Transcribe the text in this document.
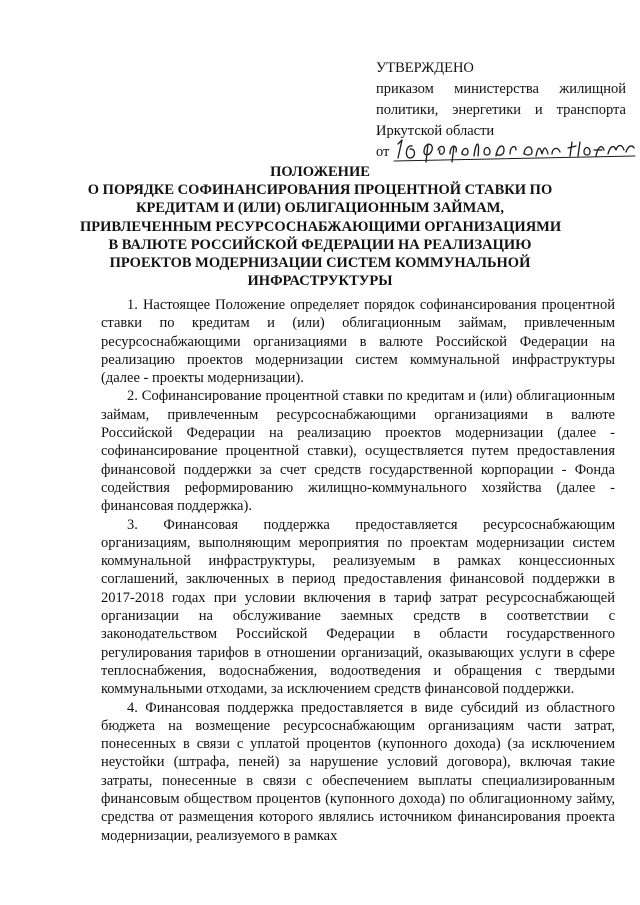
УТВЕРЖДЕНО
приказом министерства жилищной
политики, энергетики и транспорта
Иркутской области
от
ПОЛОЖЕНИЕ
О ПОРЯДКЕ СОФИНАНСИРОВАНИЯ ПРОЦЕНТНОЙ СТАВКИ ПО
КРЕДИТАМ И (ИЛИ) ОБЛИГАЦИОННЫМ ЗАЙМАМ,
ПРИВЛЕЧЕННЫМ РЕСУРСОСНАБЖАЮЩИМИ ОРГАНИЗАЦИЯМИ
В ВАЛЮТЕ РОССИЙСКОЙ ФЕДЕРАЦИИ НА РЕАЛИЗАЦИЮ
ПРОЕКТОВ МОДЕРНИЗАЦИИ СИСТЕМ КОММУНАЛЬНОЙ
ИНФРАСТРУКТУРЫ

1. Настоящее Положение определяет порядок софинансирования процентной ставки по кредитам и (или) облигационным займам, привлеченным ресурсоснабжающими организациями в валюте Российской Федерации на реализацию проектов модернизации систем коммунальной инфраструктуры (далее - проекты модернизации).

2. Софинансирование процентной ставки по кредитам и (или) облигационным займам, привлеченным ресурсоснабжающими организациями в валюте Российской Федерации на реализацию проектов модернизации (далее - софинансирование процентной ставки), осуществляется путем предоставления финансовой поддержки за счет средств государственной корпорации - Фонда содействия реформированию жилищно-коммунального хозяйства (далее - финансовая поддержка).

3. Финансовая поддержка предоставляется ресурсоснабжающим организациям, выполняющим мероприятия по проектам модернизации систем коммунальной инфраструктуры, реализуемым в рамках концессионных соглашений, заключенных в период предоставления финансовой поддержки в 2017-2018 годах при условии включения в тариф затрат ресурсоснабжающей организации на обслуживание заемных средств в соответствии с законодательством Российской Федерации в области государственного регулирования тарифов в отношении организаций, оказывающих услуги в сфере теплоснабжения, водоснабжения, водоотведения и обращения с твердыми коммунальными отходами, за исключением средств финансовой поддержки.

4. Финансовая поддержка предоставляется в виде субсидий из областного бюджета на возмещение ресурсоснабжающим организациям части затрат, понесенных в связи с уплатой процентов (купонного дохода) (за исключением неустойки (штрафа, пеней) за нарушение условий договора), включая такие затраты, понесенные в связи с обеспечением выплаты специализированным финансовым обществом процентов (купонного дохода) по облигационному займу, средства от размещения которого являлись источником финансирования проекта модернизации, реализуемого в рамках
